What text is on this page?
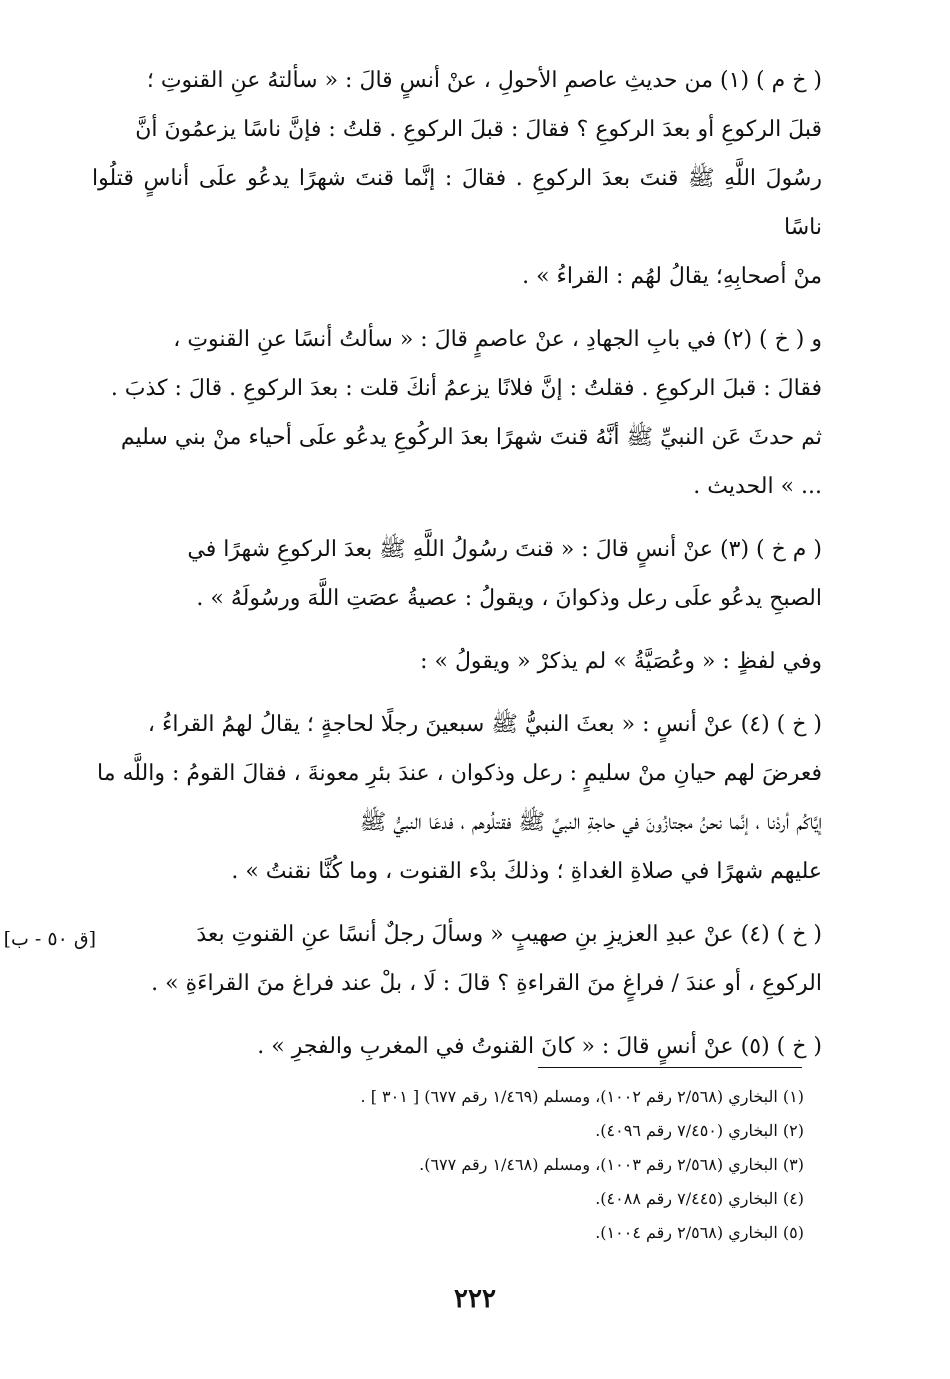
( خ م ) (١) من حديثِ عاصمِ الأحولِ ، عنْ أنسٍ قالَ : « سألتهُ عنِ القنوتِ ؛

قبلَ الركوعِ أو بعدَ الركوعِ ؟ فقالَ : قبلَ الركوعِ . قلتُ : فإنَّ ناسًا يزعمُونَ أنَّ

رسُولَ اللَّهِ ﷺ قنتَ بعدَ الركوعِ . فقالَ : إنَّما قنتَ شهرًا يدعُو علَى أناسٍ قتلُوا ناسًا

منْ أصحابِهِ؛ يقالُ لهُم : القراءُ » .

و ( خ ) (٢) في بابِ الجهادِ ، عنْ عاصمٍ قالَ : « سألتُ أنسًا عنِ القنوتِ ،

فقالَ : قبلَ الركوعِ . فقلتُ : إنَّ فلانًا يزعمُ أنكَ قلت : بعدَ الركوعِ . قالَ : كذبَ .

ثم حدثَ عَن النبيِّ ﷺ أنَّهُ قنتَ شهرًا بعدَ الركُوعِ يدعُو علَى أحياء منْ بني سليم

... » الحديث .

( م خ ) (٣) عنْ أنسٍ قالَ : « قنتَ رسُولُ اللَّهِ ﷺ بعدَ الركوعِ شهرًا في

الصبحِ يدعُو علَى رعل وذكوانَ ، ويقولُ : عصيةُ عصَتِ اللَّهَ ورسُولَهُ » .

وفي لفظٍ : « وعُصَيَّةُ » لم يذكرْ « ويقولُ » :

( خ ) (٤) عنْ أنسٍ : « بعثَ النبيُّ ﷺ سبعينَ رجلًا لحاجةٍ ؛ يقالُ لهمُ القراءُ ،

فعرضَ لهم حيانِ منْ سليمٍ : رعل وذكوان ، عندَ بئرِ معونةَ ، فقالَ القومُ : واللَّه ما

إيَّاكُم أردْنا ، إنَّما نحنُ مجتازُونَ في حاجةِ النبيِّ ﷺ فقتلُوهم ، فدعَا النبيُّ ﷺ

عليهم شهرًا في صلاةِ الغداةِ ؛ وذلكَ بدْء القنوت ، وما كُنَّا نقنتُ » .

( خ ) (٤) عنْ عبدِ العزيزِ بنِ صهيبٍ « وسألَ رجلٌ أنسًا عنِ القنوتِ بعدَ

الركوعِ ، أو عندَ / فراغٍ منَ القراءةِ ؟ قالَ : لَا ، بلْ عند فراغ منَ القراءَةِ » .

( خ ) (٥) عنْ أنسٍ قالَ : « كانَ القنوتُ في المغربِ والفجرِ » .

[ق ٥٠ - ب]

(١) البخاري (٢/٥٦٨ رقم ١٠٠٢)، ومسلم (١/٤٦٩ رقم ٦٧٧) [ ٣٠١ ] .

(٢) البخاري (٧/٤٥٠ رقم ٤٠٩٦).

(٣) البخاري (٢/٥٦٨ رقم ١٠٠٣)، ومسلم (١/٤٦٨ رقم ٦٧٧).

(٤) البخاري (٧/٤٤٥ رقم ٤٠٨٨).

(٥) البخاري (٢/٥٦٨ رقم ١٠٠٤).

٢٢٢
